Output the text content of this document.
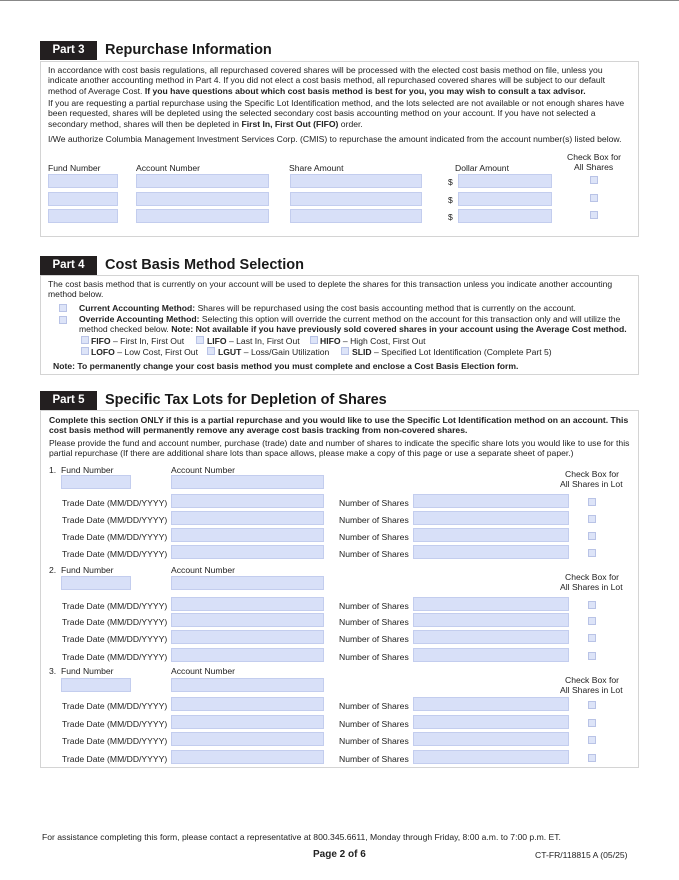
Part 3	Repurchase Information
In accordance with cost basis regulations, all repurchased covered shares will be processed with the elected cost basis method on file, unless you indicate another accounting method in Part 4. If you did not elect a cost basis method, all repurchased covered shares will be subject to our default method of Average Cost. If you have questions about which cost basis method is best for you, you may wish to consult a tax advisor.
If you are requesting a partial repurchase using the Specific Lot Identification method, and the lots selected are not available or not enough shares have been requested, shares will be depleted using the selected secondary cost basis accounting method on your account. If you have not selected a secondary method, shares will then be depleted in First In, First Out (FIFO) order.
I/We authorize Columbia Management Investment Services Corp. (CMIS) to repurchase the amount indicated from the account number(s) listed below.
Fund Number	Account Number	Share Amount	Dollar Amount
Check Box for
All Shares
$
$
$
Part 4	Cost Basis Method Selection
The cost basis method that is currently on your account will be used to deplete the shares for this transaction unless you indicate another accounting method below.
Current Accounting Method: Shares will be repurchased using the cost basis accounting method that is currently on the account.
Override Accounting Method: Selecting this option will override the current method on the account for this transaction only and will utilize the method checked below. Note: Not available if you have previously sold covered shares in your account using the Average Cost method.
FIFO – First In, First Out	LIFO – Last In, First Out HIFO – High Cost, First Out
LOFO – Low Cost, First Out LGUT – Loss/Gain Utilization	SLID – Specified Lot Identification (Complete Part 5)
Note: To permanently change your cost basis method you must complete and enclose a Cost Basis Election form.
Part 5	Specific Tax Lots for Depletion of Shares
Complete this section ONLY if this is a partial repurchase and you would like to use the Specific Lot Identification method on an account. This cost basis method will permanently remove any average cost basis tracking from non-covered shares.
Please provide the fund and account number, purchase (trade) date and number of shares to indicate the specific share lots you would like to use for this partial repurchase (If there are additional share lots than space allows, please make a copy of this page or use a separate sheet of paper.)
1. Fund Number	Account Number	Check Box for
All Shares in Lot
Trade Date (MM/DD/YYYY)	Number of Shares
Trade Date (MM/DD/YYYY)	Number of Shares
Trade Date (MM/DD/YYYY)	Number of Shares
Trade Date (MM/DD/YYYY)	Number of Shares
2. Fund Number	Account Number
Check Box for
All Shares in Lot
Trade Date (MM/DD/YYYY)	Number of Shares
Trade Date (MM/DD/YYYY)	Number of Shares
Trade Date (MM/DD/YYYY)	Number of Shares
Trade Date (MM/DD/YYYY)	Number of Shares
3. Fund Number	Account Number
Check Box for
All Shares in Lot
Trade Date (MM/DD/YYYY)	Number of Shares
Trade Date (MM/DD/YYYY)	Number of Shares
Trade Date (MM/DD/YYYY)	Number of Shares
Trade Date (MM/DD/YYYY)	Number of Shares
For assistance completing this form, please contact a representative at 800.345.6611, Monday through Friday, 8:00 a.m. to 7:00 p.m. ET.
Page 2 of 6	CT-FR/118815 A (05/25)
